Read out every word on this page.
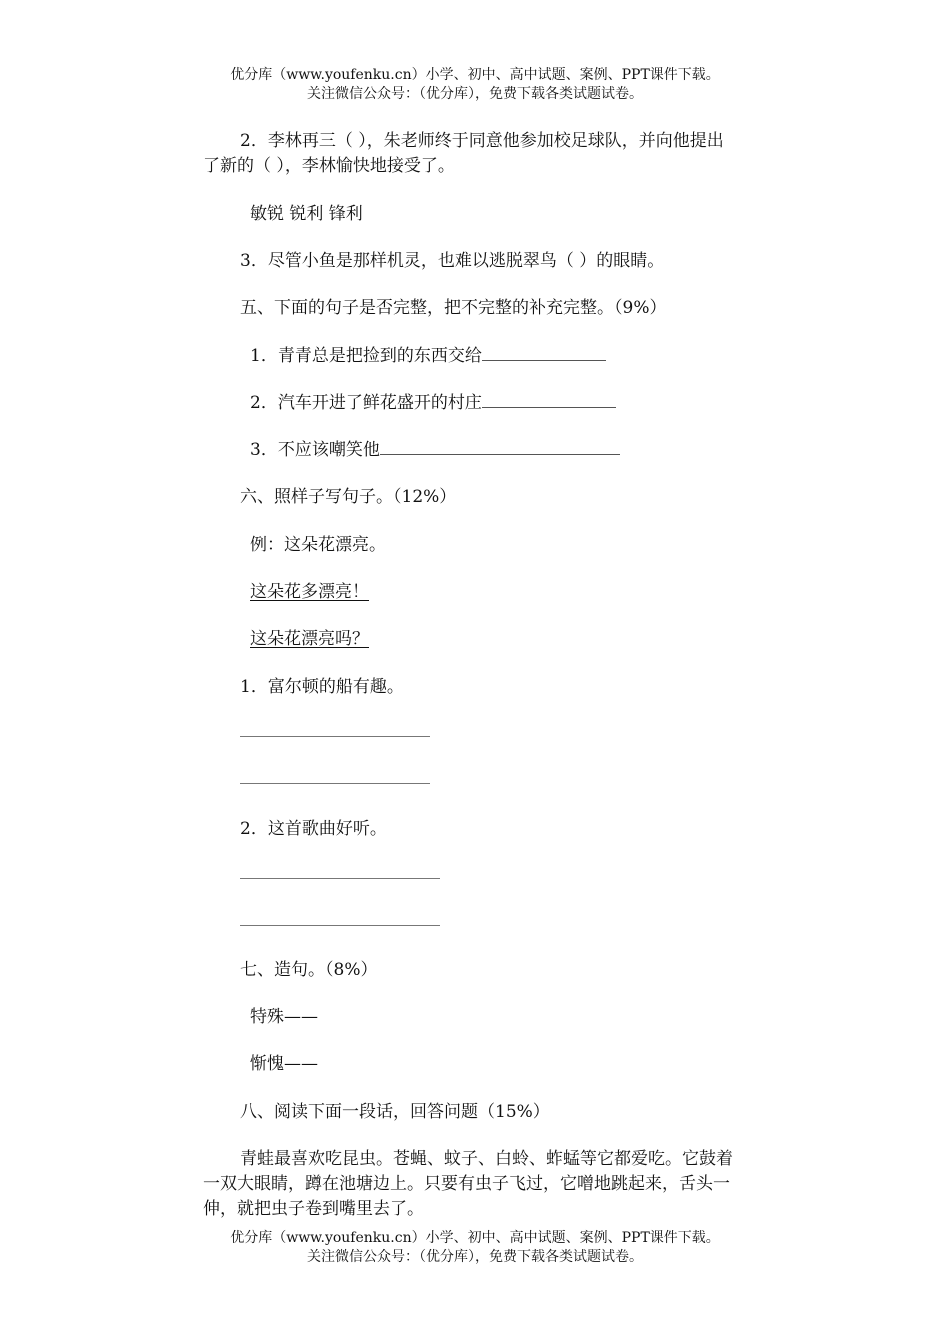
优分库（www.youfenku.cn）小学、初中、高中试题、案例、PPT课件下载。
关注微信公众号：（优分库），免费下载各类试题试卷。
2．李林再三（ ），朱老师终于同意他参加校足球队，并向他提出
了新的（ ），李林愉快地接受了。
敏锐 锐利 锋利
3．尽管小鱼是那样机灵，也难以逃脱翠鸟（ ）的眼睛。
五、下面的句子是否完整，把不完整的补充完整。（9%）
1．青青总是把捡到的东西交给
2．汽车开进了鲜花盛开的村庄
3．不应该嘲笑他
六、照样子写句子。（12%）
例：这朵花漂亮。
这朵花多漂亮！
这朵花漂亮吗？
1．富尔顿的船有趣。
2．这首歌曲好听。
七、造句。（8%）
特殊——
惭愧——
八、阅读下面一段话，回答问题（15%）
青蛙最喜欢吃昆虫。苍蝇、蚊子、白蛉、蚱蜢等它都爱吃。它鼓着
一双大眼睛，蹲在池塘边上。只要有虫子飞过，它噌地跳起来，舌头一
伸，就把虫子卷到嘴里去了。
优分库（www.youfenku.cn）小学、初中、高中试题、案例、PPT课件下载。
关注微信公众号：（优分库），免费下载各类试题试卷。
